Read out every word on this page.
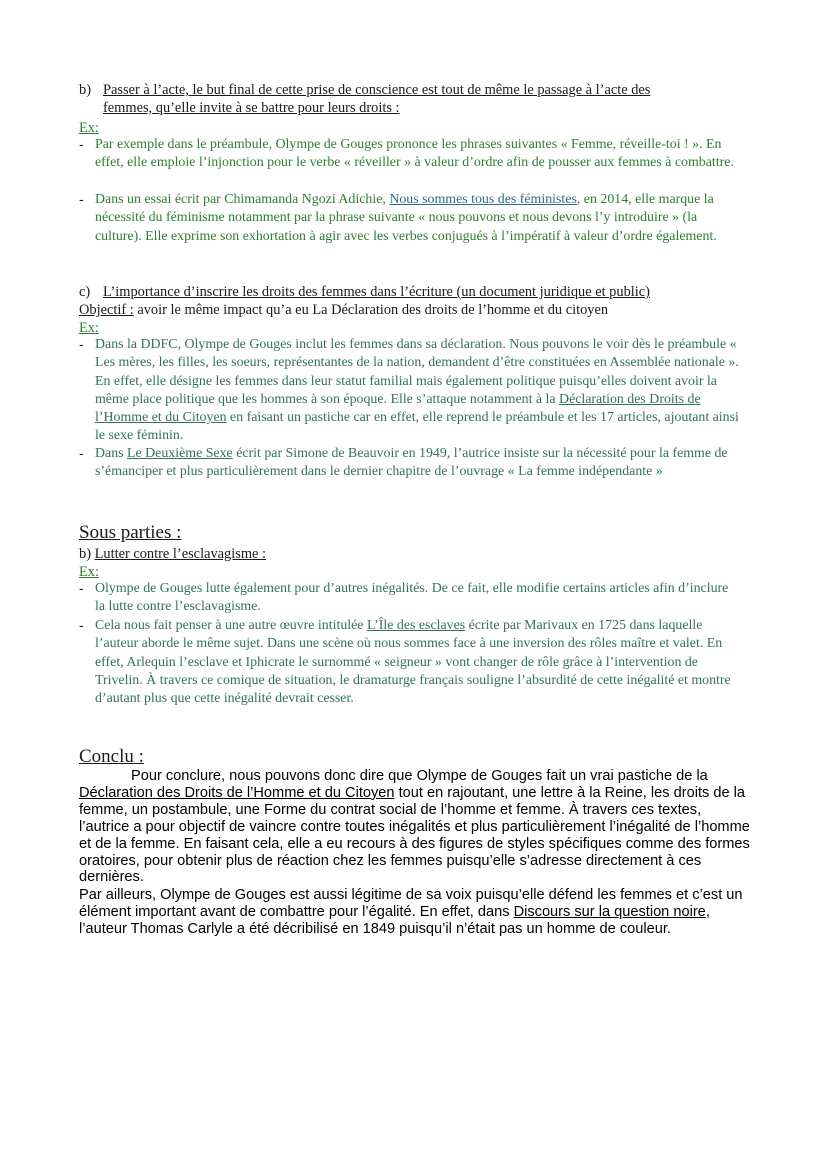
b) Passer à l’acte, le but final de cette prise de conscience est tout de même le passage à l’acte des
femmes, qu’elle invite à se battre pour leurs droits :
Ex:
- Par exemple dans le préambule, Olympe de Gouges prononce les phrases suivantes « Femme, réveille-toi ! ». En effet, elle emploie l’injonction pour le verbe « réveiller » à valeur d’ordre afin de pousser aux femmes à combattre.
- Dans un essai écrit par Chimamanda Ngozi Adichie, Nous sommes tous des féministes, en 2014, elle marque la nécessité du féminisme notamment par la phrase suivante « nous pouvons et nous devons l’y introduire » (la culture). Elle exprime son exhortation à agir avec les verbes conjugués à l’impératif à valeur d’ordre également.
c) L’importance d’inscrire les droits des femmes dans l’écriture (un document juridique et public)
Objectif : avoir le même impact qu’a eu La Déclaration des droits de l’homme et du citoyen
Ex:
- Dans la DDFC, Olympe de Gouges inclut les femmes dans sa déclaration. Nous pouvons le voir dès le préambule « Les mères, les filles, les soeurs, représentantes de la nation, demandent d’être constituées en Assemblée nationale ». En effet, elle désigne les femmes dans leur statut familial mais également politique puisqu’elles doivent avoir la même place politique que les hommes à son époque. Elle s’attaque notamment à la Déclaration des Droits de l’Homme et du Citoyen en faisant un pastiche car en effet, elle reprend le préambule et les 17 articles, ajoutant ainsi le sexe féminin.
- Dans Le Deuxième Sexe écrit par Simone de Beauvoir en 1949, l’autrice insiste sur la nécessité pour la femme de s’émanciper et plus particulièrement dans le dernier chapitre de l’ouvrage « La femme indépendante »
Sous parties :
b) Lutter contre l’esclavagisme :
Ex:
- Olympe de Gouges lutte également pour d’autres inégalités. De ce fait, elle modifie certains articles afin d’inclure la lutte contre l’esclavagisme.
- Cela nous fait penser à une autre œuvre intitulée L’Île des esclaves écrite par Marivaux en 1725 dans laquelle l’auteur aborde le même sujet. Dans une scène où nous sommes face à une inversion des rôles maître et valet. En effet, Arlequin l’esclave et Iphicrate le surnommé « seigneur » vont changer de rôle grâce à l’intervention de Trivelin. À travers ce comique de situation, le dramaturge français souligne l’absurdité de cette inégalité et montre d’autant plus que cette inégalité devrait cesser.
Conclu :
Pour conclure, nous pouvons donc dire que Olympe de Gouges fait un vrai pastiche de la Déclaration des Droits de l’Homme et du Citoyen tout en rajoutant, une lettre à la Reine, les droits de la femme, un postambule, une Forme du contrat social de l’homme et femme. À travers ces textes, l’autrice a pour objectif de vaincre contre toutes inégalités et plus particulièrement l’inégalité de l’homme et de la femme. En faisant cela, elle a eu recours à des figures de styles spécifiques comme des formes oratoires, pour obtenir plus de réaction chez les femmes puisqu’elle s’adresse directement à ces dernières.
Par ailleurs, Olympe de Gouges est aussi légitime de sa voix puisqu’elle défend les femmes et c’est un élément important avant de combattre pour l’égalité. En effet, dans Discours sur la question noire, l’auteur Thomas Carlyle a été décribilisé en 1849 puisqu’il n’était pas un homme de couleur.
